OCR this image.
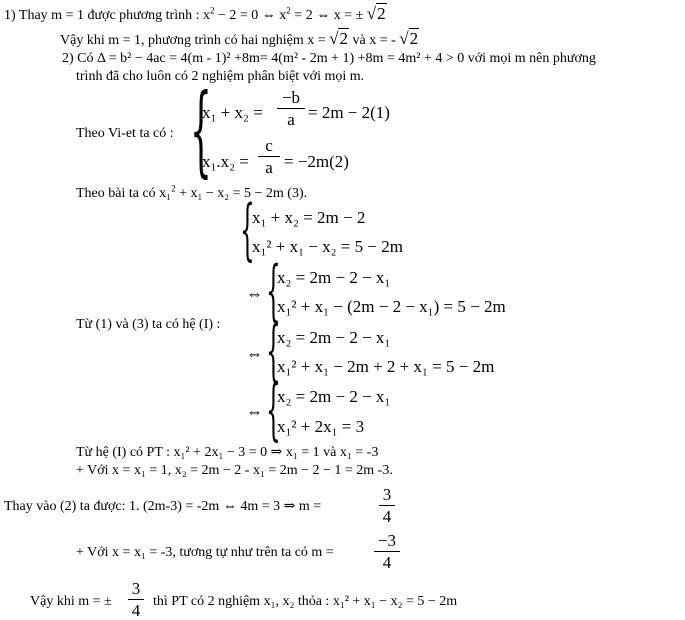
1) Thay m = 1 được phương trình : $x^2 - 2 = 0$ ⇔ $x^2 = 2$ ⇔ x = ± √2
Vậy khi m = 1, phương trình có hai nghiệm x = √2 và x = - √2
2) Có Δ = b² − 4ac = 4(m - 1)² +8m= 4(m² - 2m + 1) +8m = 4m² + 4 > 0 với mọi m nên phương
trình đã cho luôn có 2 nghiệm phân biệt với mọi m.
Theo Vi-et ta có : {
x₁ + x₂ =
−b
a = 2m − 2(1)
x₁.x₂ =
c
a = −2m(2)
Theo bài ta có x₁$^2$ + x₁ − x₂ = 5 − 2m (3).
{
x₁ + x₂ = 2m − 2
x₁² + x₁ − x₂ = 5 − 2m
⇔ {
x₂ = 2m − 2 − x₁
x₁² + x₁ − (2m − 2 − x₁) = 5 − 2m
Từ (1) và (3) ta có hệ (I) :
⇔ {
x₂ = 2m − 2 − x₁
x₁² + x₁ − 2m + 2 + x₁ = 5 − 2m
⇔ {
x₂ = 2m − 2 − x₁
x₁² + 2x₁ = 3
Từ hệ (I) có PT : x₁² + 2x₁ − 3 = 0 ⇒ x₁ = 1 và x₁ = -3
+ Với x = x₁ = 1, x₂ = 2m − 2 - x₁ = 2m − 2 − 1 = 2m -3.
Thay vào (2) ta được: 1. (2m-3) = -2m ⇔ 4m = 3 ⇒ m =
3
4
+ Với x = x₁ = -3, tương tự như trên ta có m =
−3
4
Vậy khi m = ±
3
4 thì PT có 2 nghiệm x₁, x₂ thỏa : x₁² + x₁ − x₂ = 5 − 2m
